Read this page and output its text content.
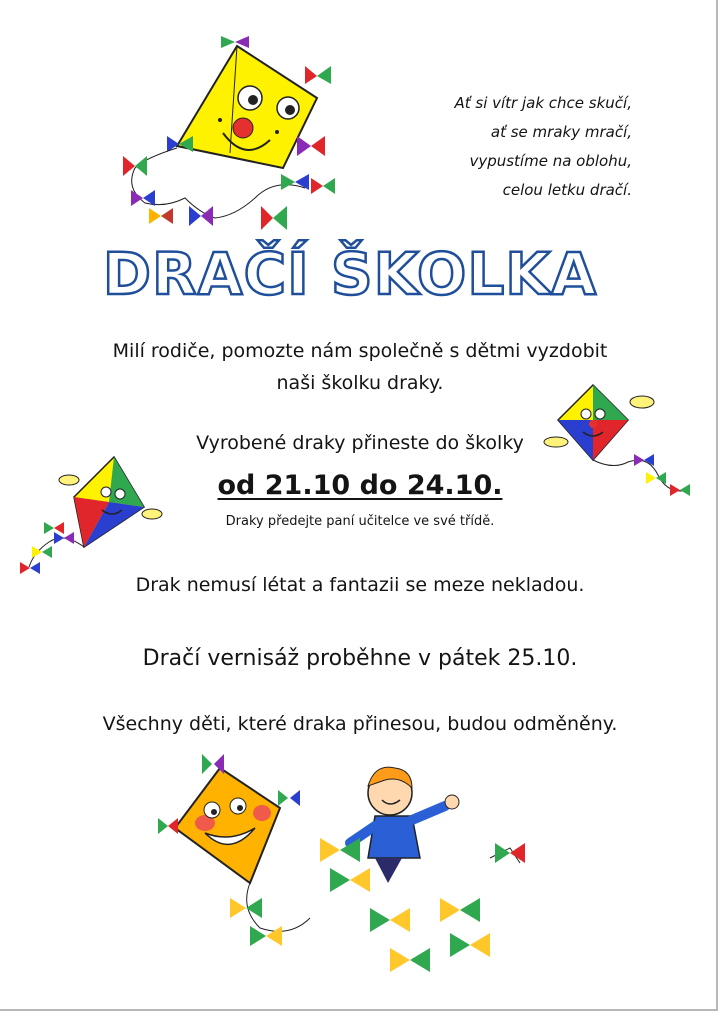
Ať si vítr jak chce skučí,
ať se mraky mračí,
vypustíme na oblohu,
celou letku dračí.
DRAČÍ ŠKOLKA
Milí rodiče, pomozte nám společně s dětmi vyzdobit
naši školku draky.
Vyrobené draky přineste do školky
od 21.10 do 24.10.
Draky předejte paní učitelce ve své třídě.
Drak nemusí létat a fantazii se meze nekladou.
Dračí vernisáž proběhne v pátek 25.10.
Všechny děti, které draka přinesou, budou odměněny.
